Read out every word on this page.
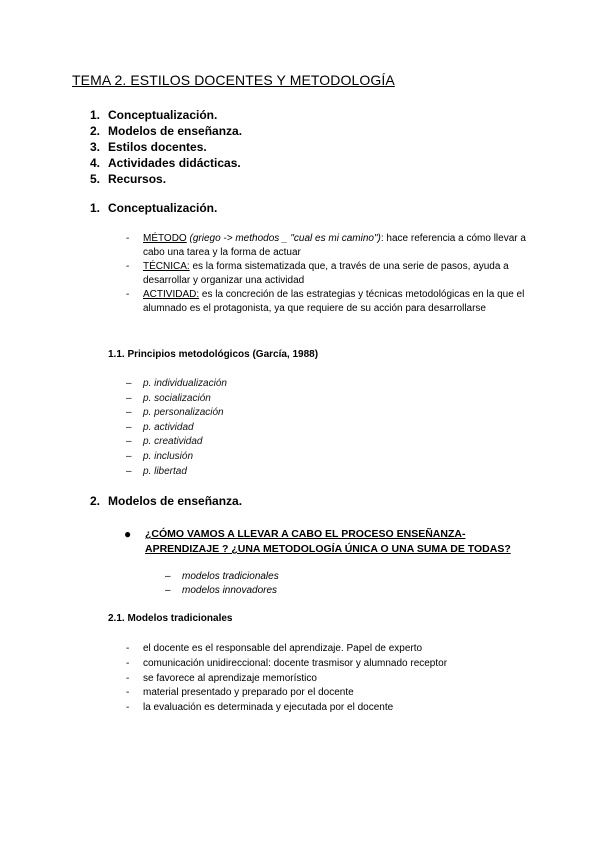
TEMA 2. ESTILOS DOCENTES Y METODOLOGÍA
1. Conceptualización.
2. Modelos de enseñanza.
3. Estilos docentes.
4. Actividades didácticas.
5. Recursos.
1. Conceptualización.
-	MÉTODO (griego -> methodos _ "cual es mi camino"): hace referencia a cómo llevar a cabo una tarea y la forma de actuar
-	TÉCNICA: es la forma sistematizada que, a través de una serie de pasos, ayuda a desarrollar y organizar una actividad
-	ACTIVIDAD: es la concreción de las estrategias y técnicas metodológicas en la que el alumnado es el protagonista, ya que requiere de su acción para desarrollarse
1.1. Principios metodológicos (García, 1988)
–	p. individualización
–	p. socialización
–	p. personalización
–	p. actividad
–	p. creatividad
–	p. inclusión
–	p. libertad
2. Modelos de enseñanza.
● ¿CÓMO VAMOS A LLEVAR A CABO EL PROCESO ENSEÑANZA-APRENDIZAJE ? ¿UNA METODOLOGÍA ÚNICA O UNA SUMA DE TODAS?
–	modelos tradicionales
–	modelos innovadores
2.1. Modelos tradicionales
-	el docente es el responsable del aprendizaje. Papel de experto
-	comunicación unidireccional: docente trasmisor y alumnado receptor
-	se favorece al aprendizaje memorístico
-	material presentado y preparado por el docente
-	la evaluación es determinada y ejecutada por el docente
